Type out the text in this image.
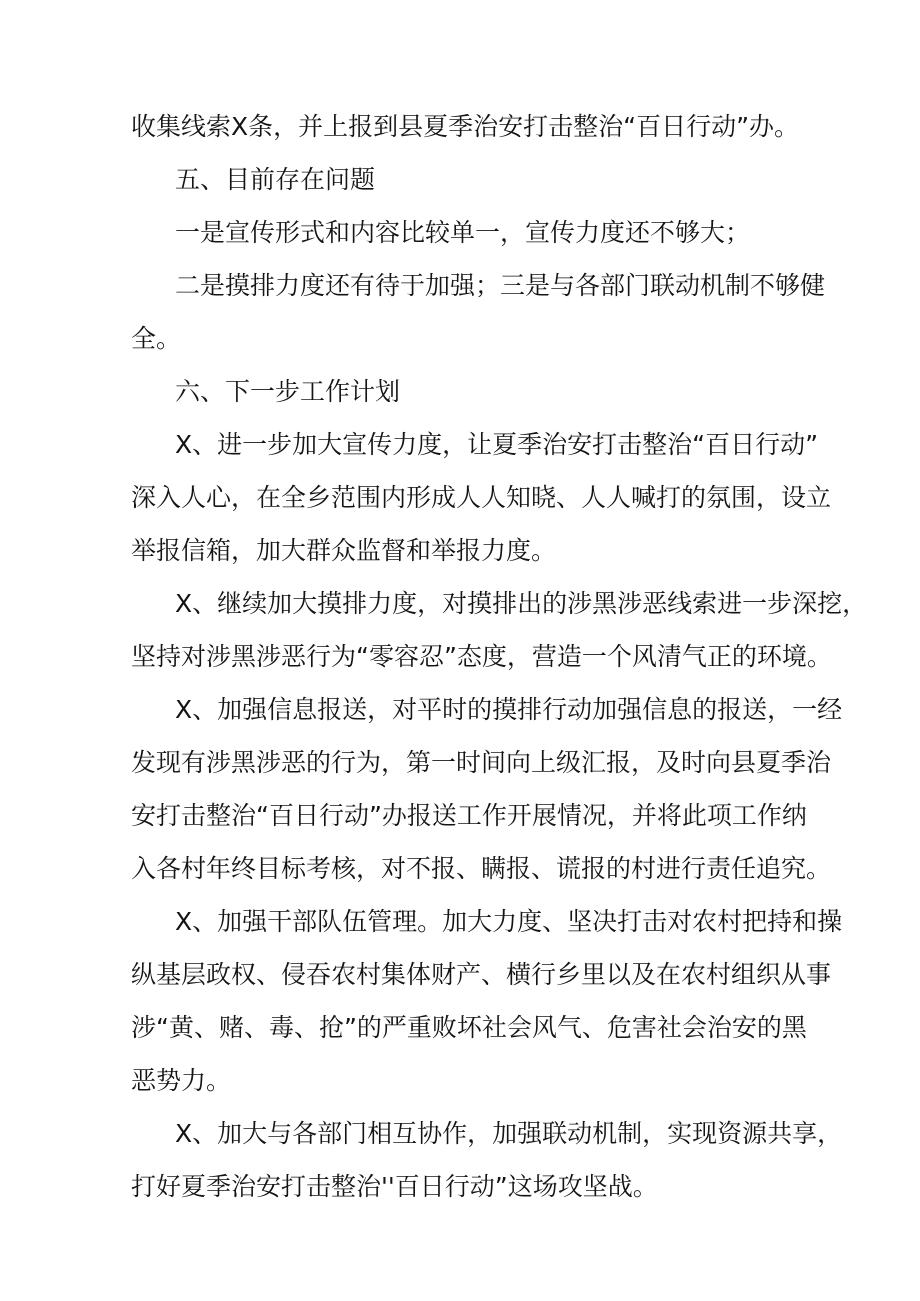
收集线索X条，并上报到县夏季治安打击整治“百日行动”办。

五、目前存在问题

一是宣传形式和内容比较单一，宣传力度还不够大；

二是摸排力度还有待于加强；三是与各部门联动机制不够健

全。

六、下一步工作计划

X、进一步加大宣传力度，让夏季治安打击整治“百日行动”

深入人心，在全乡范围内形成人人知晓、人人喊打的氛围，设立

举报信箱，加大群众监督和举报力度。

X、继续加大摸排力度，对摸排出的涉黑涉恶线索进一步深挖，

坚持对涉黑涉恶行为“零容忍”态度，营造一个风清气正的环境。

X、加强信息报送，对平时的摸排行动加强信息的报送，一经

发现有涉黑涉恶的行为，第一时间向上级汇报，及时向县夏季治

安打击整治“百日行动”办报送工作开展情况，并将此项工作纳

入各村年终目标考核，对不报、瞒报、谎报的村进行责任追究。

X、加强干部队伍管理。加大力度、坚决打击对农村把持和操

纵基层政权、侵吞农村集体财产、横行乡里以及在农村组织从事

涉“黄、赌、毒、抢”的严重败坏社会风气、危害社会治安的黑

恶势力。

X、加大与各部门相互协作，加强联动机制，实现资源共享，

打好夏季治安打击整治''百日行动”这场攻坚战。
